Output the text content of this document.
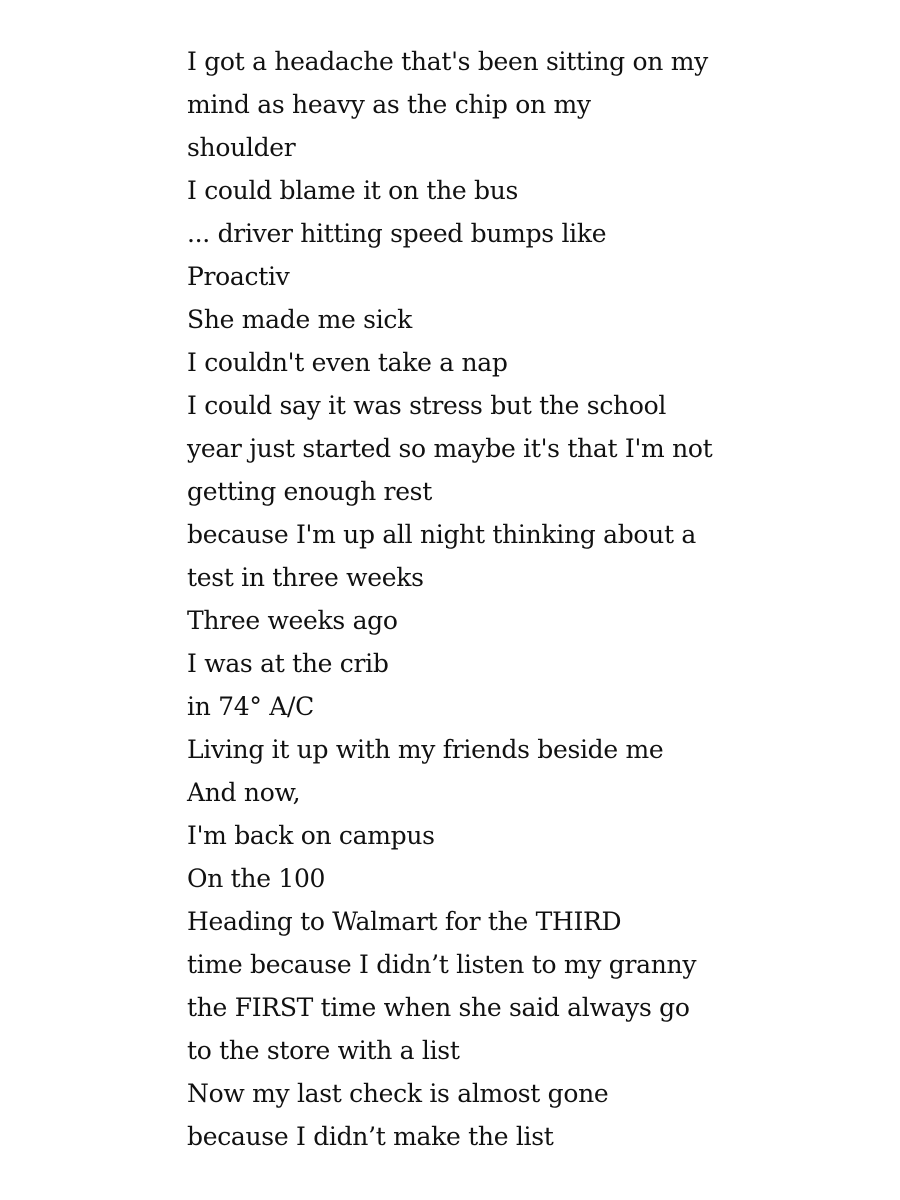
I got a headache that's been sitting on my
mind as heavy as the chip on my
shoulder
I could blame it on the bus
... driver hitting speed bumps like
Proactiv
She made me sick
I couldn't even take a nap
I could say it was stress but the school
year just started so maybe it's that I'm not
getting enough rest
because I'm up all night thinking about a
test in three weeks
Three weeks ago
I was at the crib
in 74° A/C
Living it up with my friends beside me
And now,
I'm back on campus
On the 100
Heading to Walmart for the THIRD
time because I didn’t listen to my granny
the FIRST time when she said always go
to the store with a list
Now my last check is almost gone
because I didn’t make the list
